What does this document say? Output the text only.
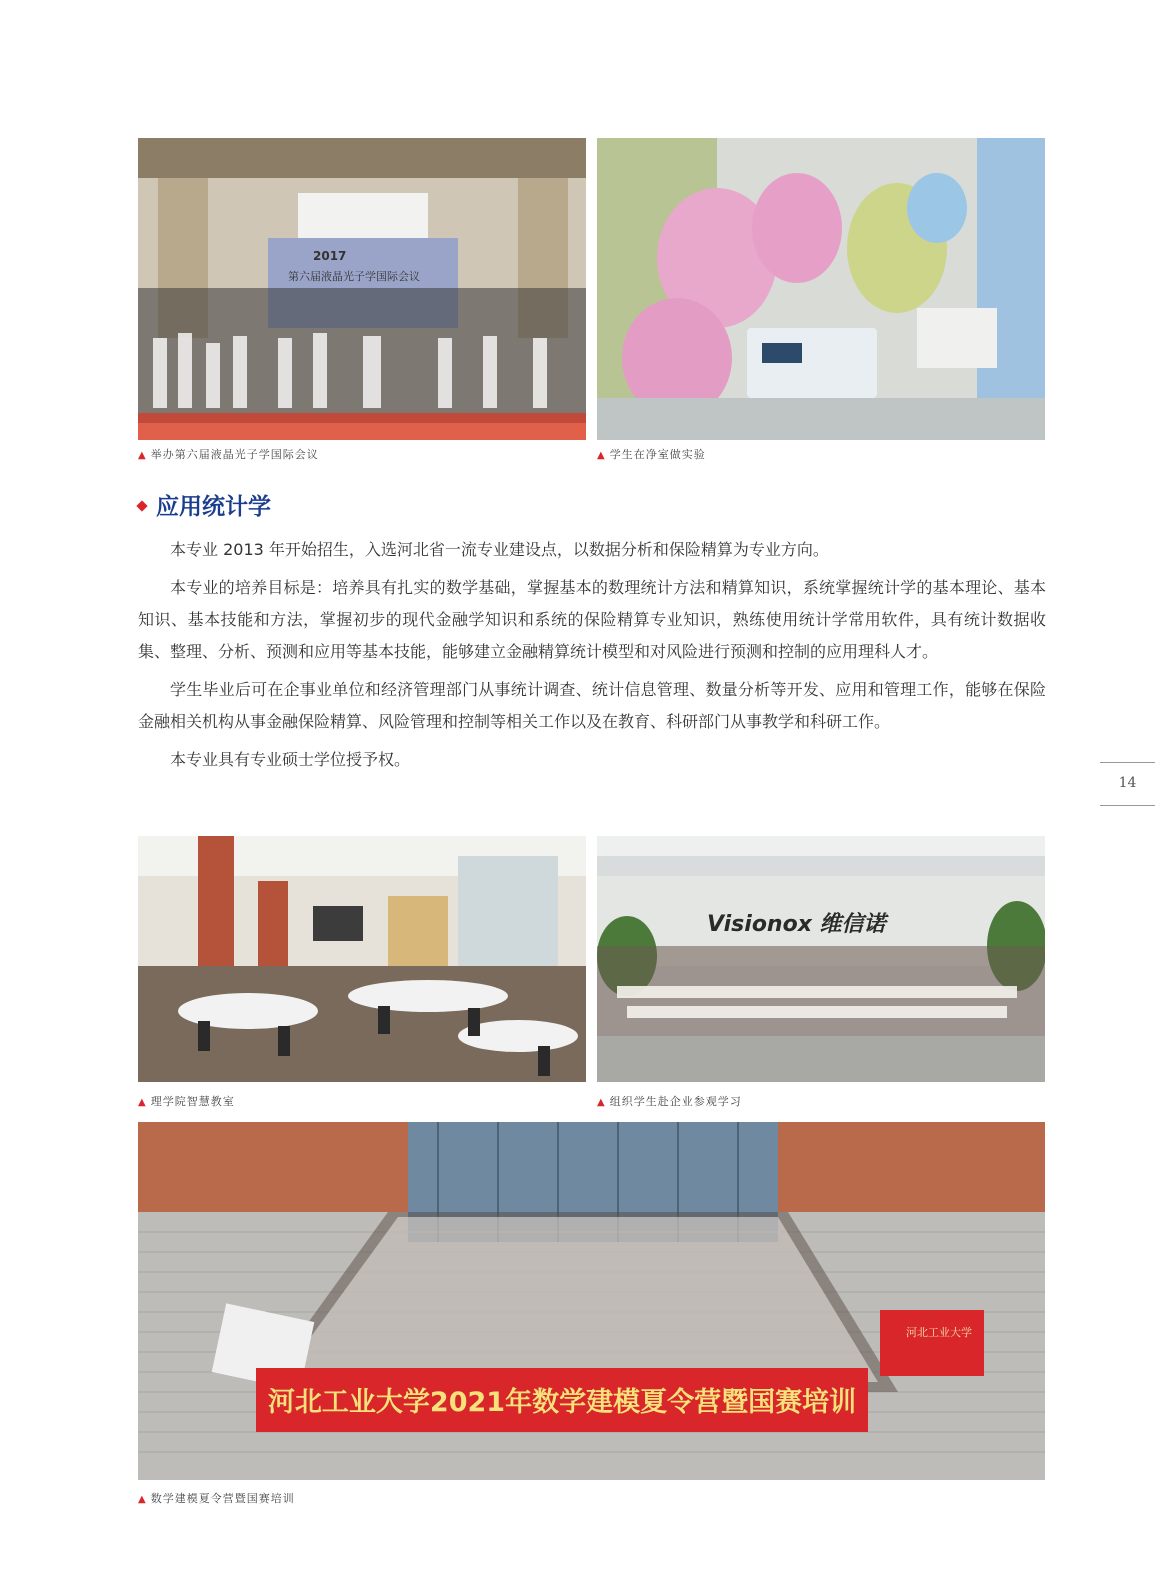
2017
第六届液晶光子学国际会议
▲ 举办第六届液晶光子学国际会议	▲ 学生在净室做实验
应用统计学

本专业 2013 年开始招生，入选河北省一流专业建设点，以数据分析和保险精算为专业方向。

本专业的培养目标是：培养具有扎实的数学基础，掌握基本的数理统计方法和精算知识，系统掌握统计学的基本理论、基本知识、基本技能和方法，掌握初步的现代金融学知识和系统的保险精算专业知识，熟练使用统计学常用软件，具有统计数据收集、整理、分析、预测和应用等基本技能，能够建立金融精算统计模型和对风险进行预测和控制的应用理科人才。

学生毕业后可在企事业单位和经济管理部门从事统计调查、统计信息管理、数量分析等开发、应用和管理工作，能够在保险金融相关机构从事金融保险精算、风险管理和控制等相关工作以及在教育、科研部门从事教学和科研工作。

本专业具有专业硕士学位授予权。

14
▲ 理学院智慧教室
Visionox 维信诺
▲ 组织学生赴企业参观学习
河北工业大学
河北工业大学2021年数学建模夏令营暨国赛培训
▲ 数学建模夏令营暨国赛培训
